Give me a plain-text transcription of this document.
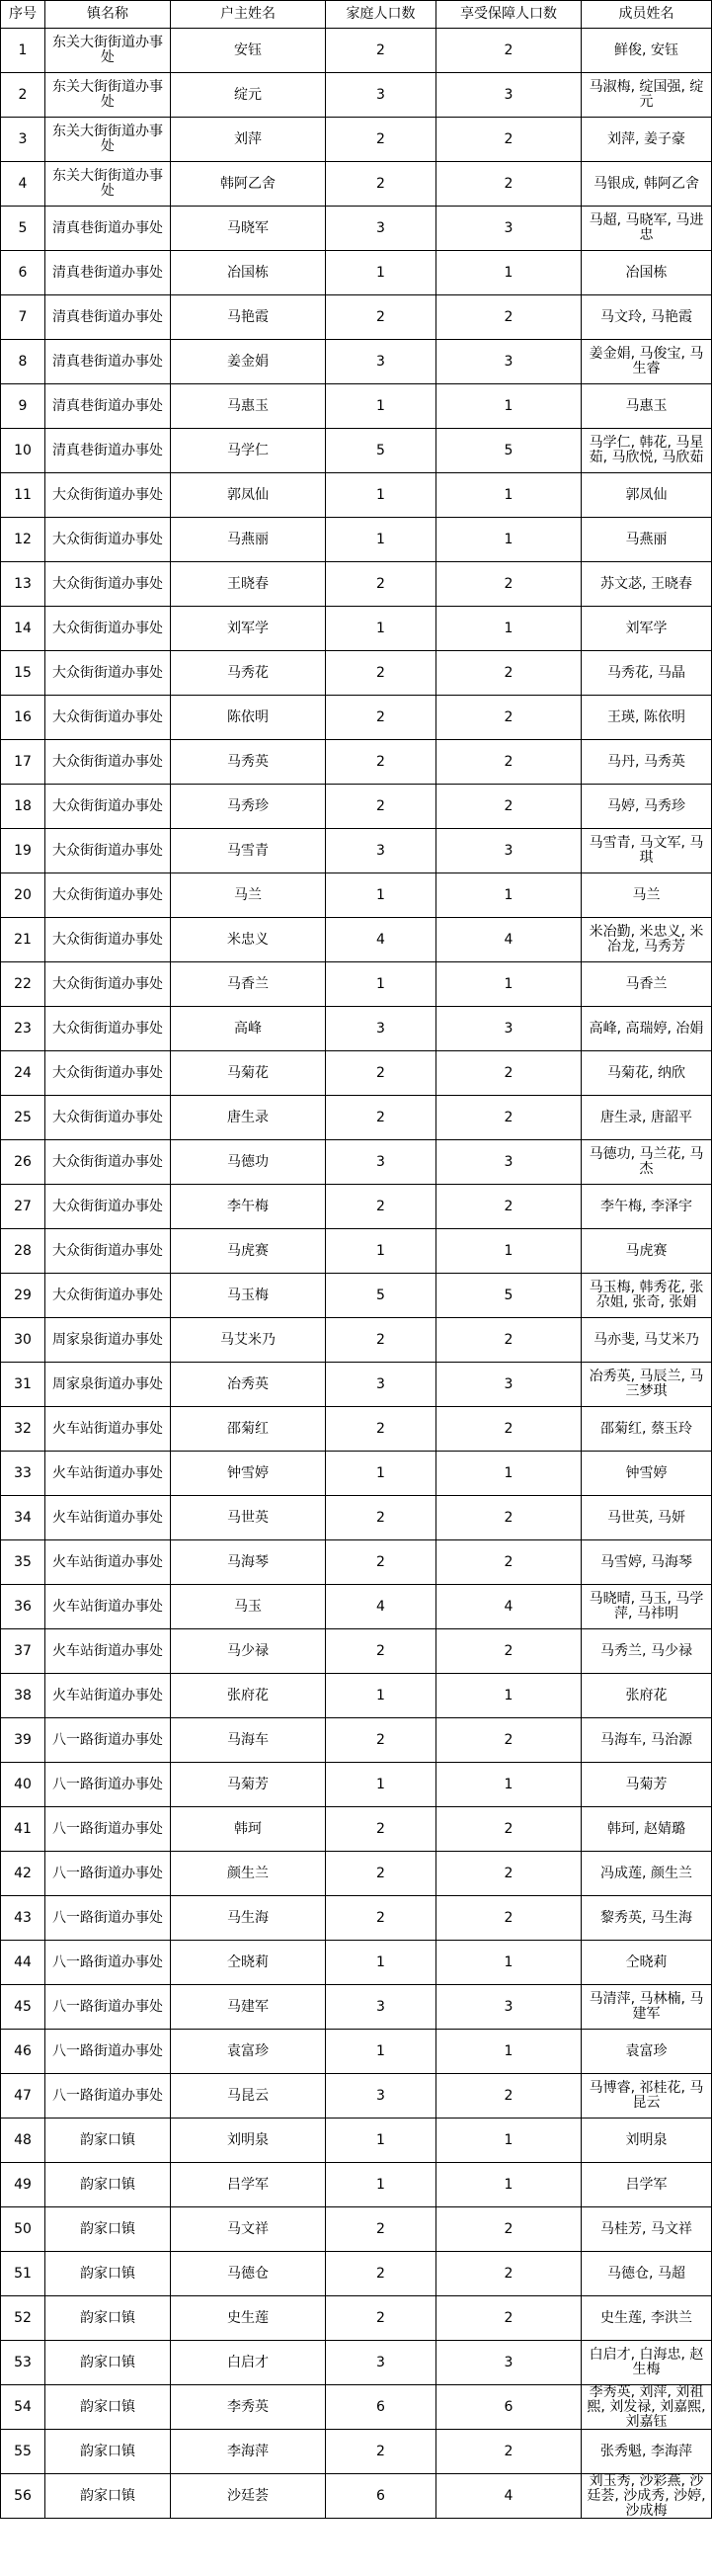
序号	镇名称	户主姓名	家庭人口数	享受保障人口数	成员姓名

1	东关大街街道办事处	安钰	2	2	鲜俊, 安钰

2	东关大街街道办事处	绽元	3	3	马淑梅, 绽国强, 绽元

3	东关大街街道办事处	刘萍	2	2	刘萍, 姜子豪

4	东关大街街道办事处	韩阿乙舍	2	2	马银成, 韩阿乙舍

5	清真巷街道办事处	马晓军	3	3	马超, 马晓军, 马进忠

6	清真巷街道办事处	冶国栋	1	1	冶国栋

7	清真巷街道办事处	马艳霞	2	2	马文玲, 马艳霞

8	清真巷街道办事处	姜金娟	3	3	姜金娟, 马俊宝, 马生睿

9	清真巷街道办事处	马惠玉	1	1	马惠玉

10	清真巷街道办事处	马学仁	5	5	马学仁, 韩花, 马星茹, 马欣悦, 马欣茹

11	大众街街道办事处	郭凤仙	1	1	郭凤仙

12	大众街街道办事处	马燕丽	1	1	马燕丽

13	大众街街道办事处	王晓春	2	2	苏文苾, 王晓春

14	大众街街道办事处	刘军学	1	1	刘军学

15	大众街街道办事处	马秀花	2	2	马秀花, 马晶

16	大众街街道办事处	陈依明	2	2	王瑛, 陈依明

17	大众街街道办事处	马秀英	2	2	马丹, 马秀英

18	大众街街道办事处	马秀珍	2	2	马婷, 马秀珍

19	大众街街道办事处	马雪青	3	3	马雪青, 马文军, 马琪

20	大众街街道办事处	马兰	1	1	马兰

21	大众街街道办事处	米忠义	4	4	米冶勤, 米忠义, 米冶龙, 马秀芳

22	大众街街道办事处	马香兰	1	1	马香兰

23	大众街街道办事处	高峰	3	3	高峰, 高瑞婷, 冶娟

24	大众街街道办事处	马菊花	2	2	马菊花, 纳欣

25	大众街街道办事处	唐生录	2	2	唐生录, 唐韶平

26	大众街街道办事处	马德功	3	3	马德功, 马兰花, 马杰

27	大众街街道办事处	李午梅	2	2	李午梅, 李泽宇

28	大众街街道办事处	马虎赛	1	1	马虎赛

29	大众街街道办事处	马玉梅	5	5	马玉梅, 韩秀花, 张尕姐, 张奇, 张娟

30	周家泉街道办事处	马艾米乃	2	2	马亦斐, 马艾米乃

31	周家泉街道办事处	冶秀英	3	3	冶秀英, 马辰兰, 马三梦琪

32	火车站街道办事处	邵菊红	2	2	邵菊红, 蔡玉玲

33	火车站街道办事处	钟雪婷	1	1	钟雪婷

34	火车站街道办事处	马世英	2	2	马世英, 马妍

35	火车站街道办事处	马海琴	2	2	马雪婷, 马海琴

36	火车站街道办事处	马玉	4	4	马晓晴, 马玉, 马学萍, 马祎明

37	火车站街道办事处	马少禄	2	2	马秀兰, 马少禄

38	火车站街道办事处	张府花	1	1	张府花

39	八一路街道办事处	马海车	2	2	马海车, 马治源

40	八一路街道办事处	马菊芳	1	1	马菊芳

41	八一路街道办事处	韩珂	2	2	韩珂, 赵婧璐

42	八一路街道办事处	颜生兰	2	2	冯成莲, 颜生兰

43	八一路街道办事处	马生海	2	2	黎秀英, 马生海

44	八一路街道办事处	仝晓莉	1	1	仝晓莉

45	八一路街道办事处	马建军	3	3	马清萍, 马林楠, 马建军

46	八一路街道办事处	袁富珍	1	1	袁富珍

47	八一路街道办事处	马昆云	3	2	马博睿, 祁桂花, 马昆云

48	韵家口镇	刘明泉	1	1	刘明泉

49	韵家口镇	吕学军	1	1	吕学军

50	韵家口镇	马文祥	2	2	马桂芳, 马文祥

51	韵家口镇	马德仓	2	2	马德仓, 马超

52	韵家口镇	史生莲	2	2	史生莲, 李洪兰

53	韵家口镇	白启才	3	3	白启才, 白海忠, 赵生梅

54	韵家口镇	李秀英	6	6	李秀英, 刘萍, 刘祖熙, 刘发禄, 刘嘉熙, 刘嘉钰

55	韵家口镇	李海萍	2	2	张秀魁, 李海萍

56	韵家口镇	沙廷荟	6	4	刘玉秀, 沙彩燕, 沙廷荟, 沙成秀, 沙婷, 沙成梅
